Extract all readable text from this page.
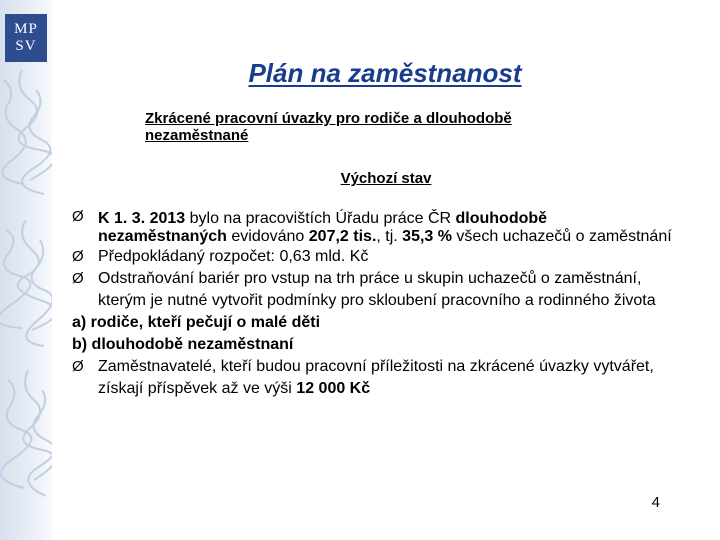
MP
SV
Plán na zaměstnanost
Zkrácené pracovní úvazky pro rodiče a dlouhodobě nezaměstnané
Výchozí stav
Ø K 1. 3. 2013 bylo na pracovištích Úřadu práce ČR dlouhodobě nezaměstnaných evidováno 207,2 tis., tj. 35,3 % všech uchazečů o zaměstnání
Ø Předpokládaný rozpočet: 0,63 mld. Kč
Ø Odstraňování bariér pro vstup na trh práce u skupin uchazečů o zaměstnání, kterým je nutné vytvořit podmínky pro skloubení pracovního a rodinného života
a) rodiče, kteří pečují o malé děti
b) dlouhodobě nezaměstnaní
Ø Zaměstnavatelé, kteří budou pracovní příležitosti na zkrácené úvazky vytvářet, získají příspěvek až ve výši 12 000 Kč
4
